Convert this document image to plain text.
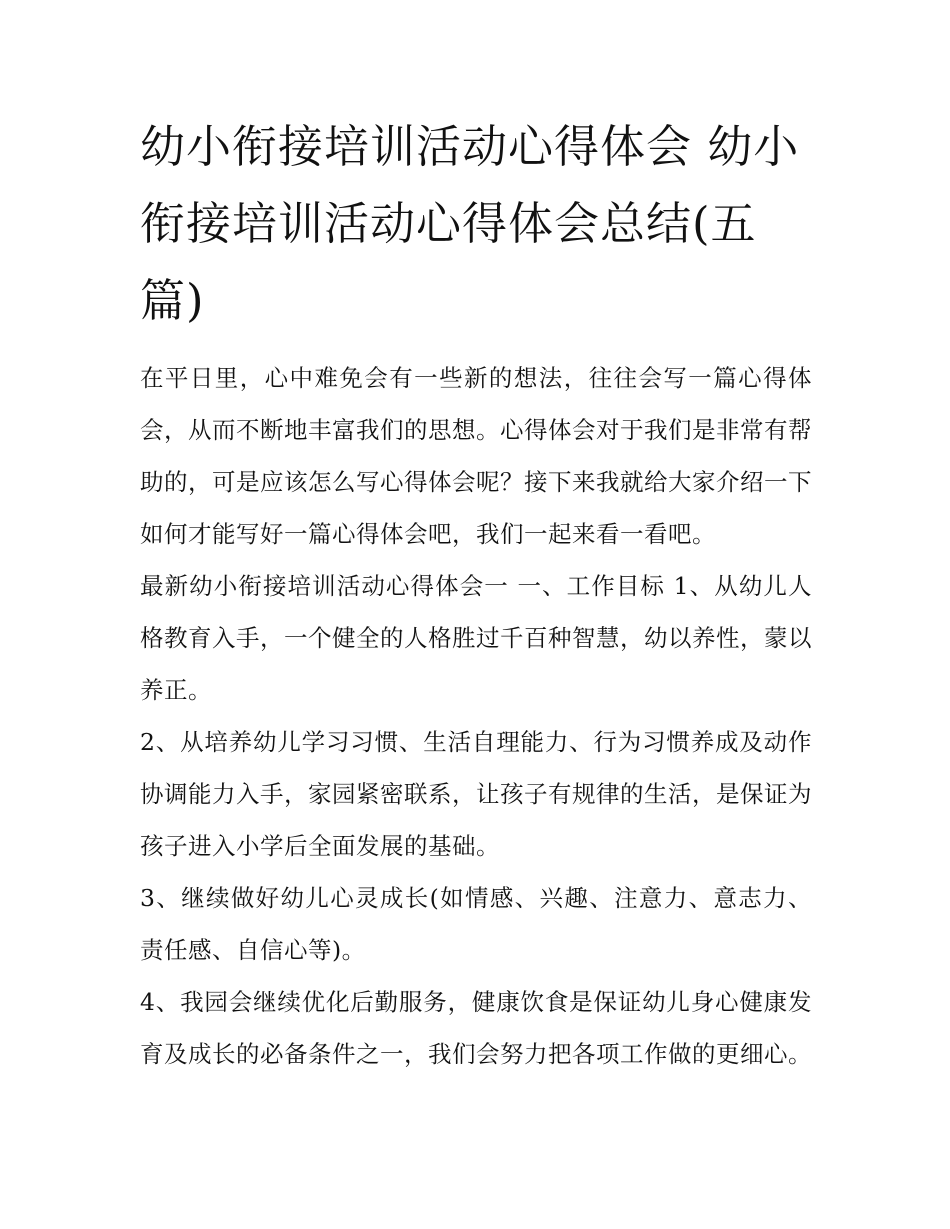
幼小衔接培训活动心得体会 幼小衔接培训活动心得体会总结(五篇)

在平日里，心中难免会有一些新的想法，往往会写一篇心得体会，从而不断地丰富我们的思想。心得体会对于我们是非常有帮助的，可是应该怎么写心得体会呢？接下来我就给大家介绍一下如何才能写好一篇心得体会吧，我们一起来看一看吧。

最新幼小衔接培训活动心得体会一 一、工作目标 1、从幼儿人格教育入手，一个健全的人格胜过千百种智慧，幼以养性，蒙以养正。

2、从培养幼儿学习习惯、生活自理能力、行为习惯养成及动作协调能力入手，家园紧密联系，让孩子有规律的生活，是保证为孩子进入小学后全面发展的基础。

3、继续做好幼儿心灵成长(如情感、兴趣、注意力、意志力、责任感、自信心等)。

4、我园会继续优化后勤服务，健康饮食是保证幼儿身心健康发育及成长的必备条件之一，我们会努力把各项工作做的更细心。
